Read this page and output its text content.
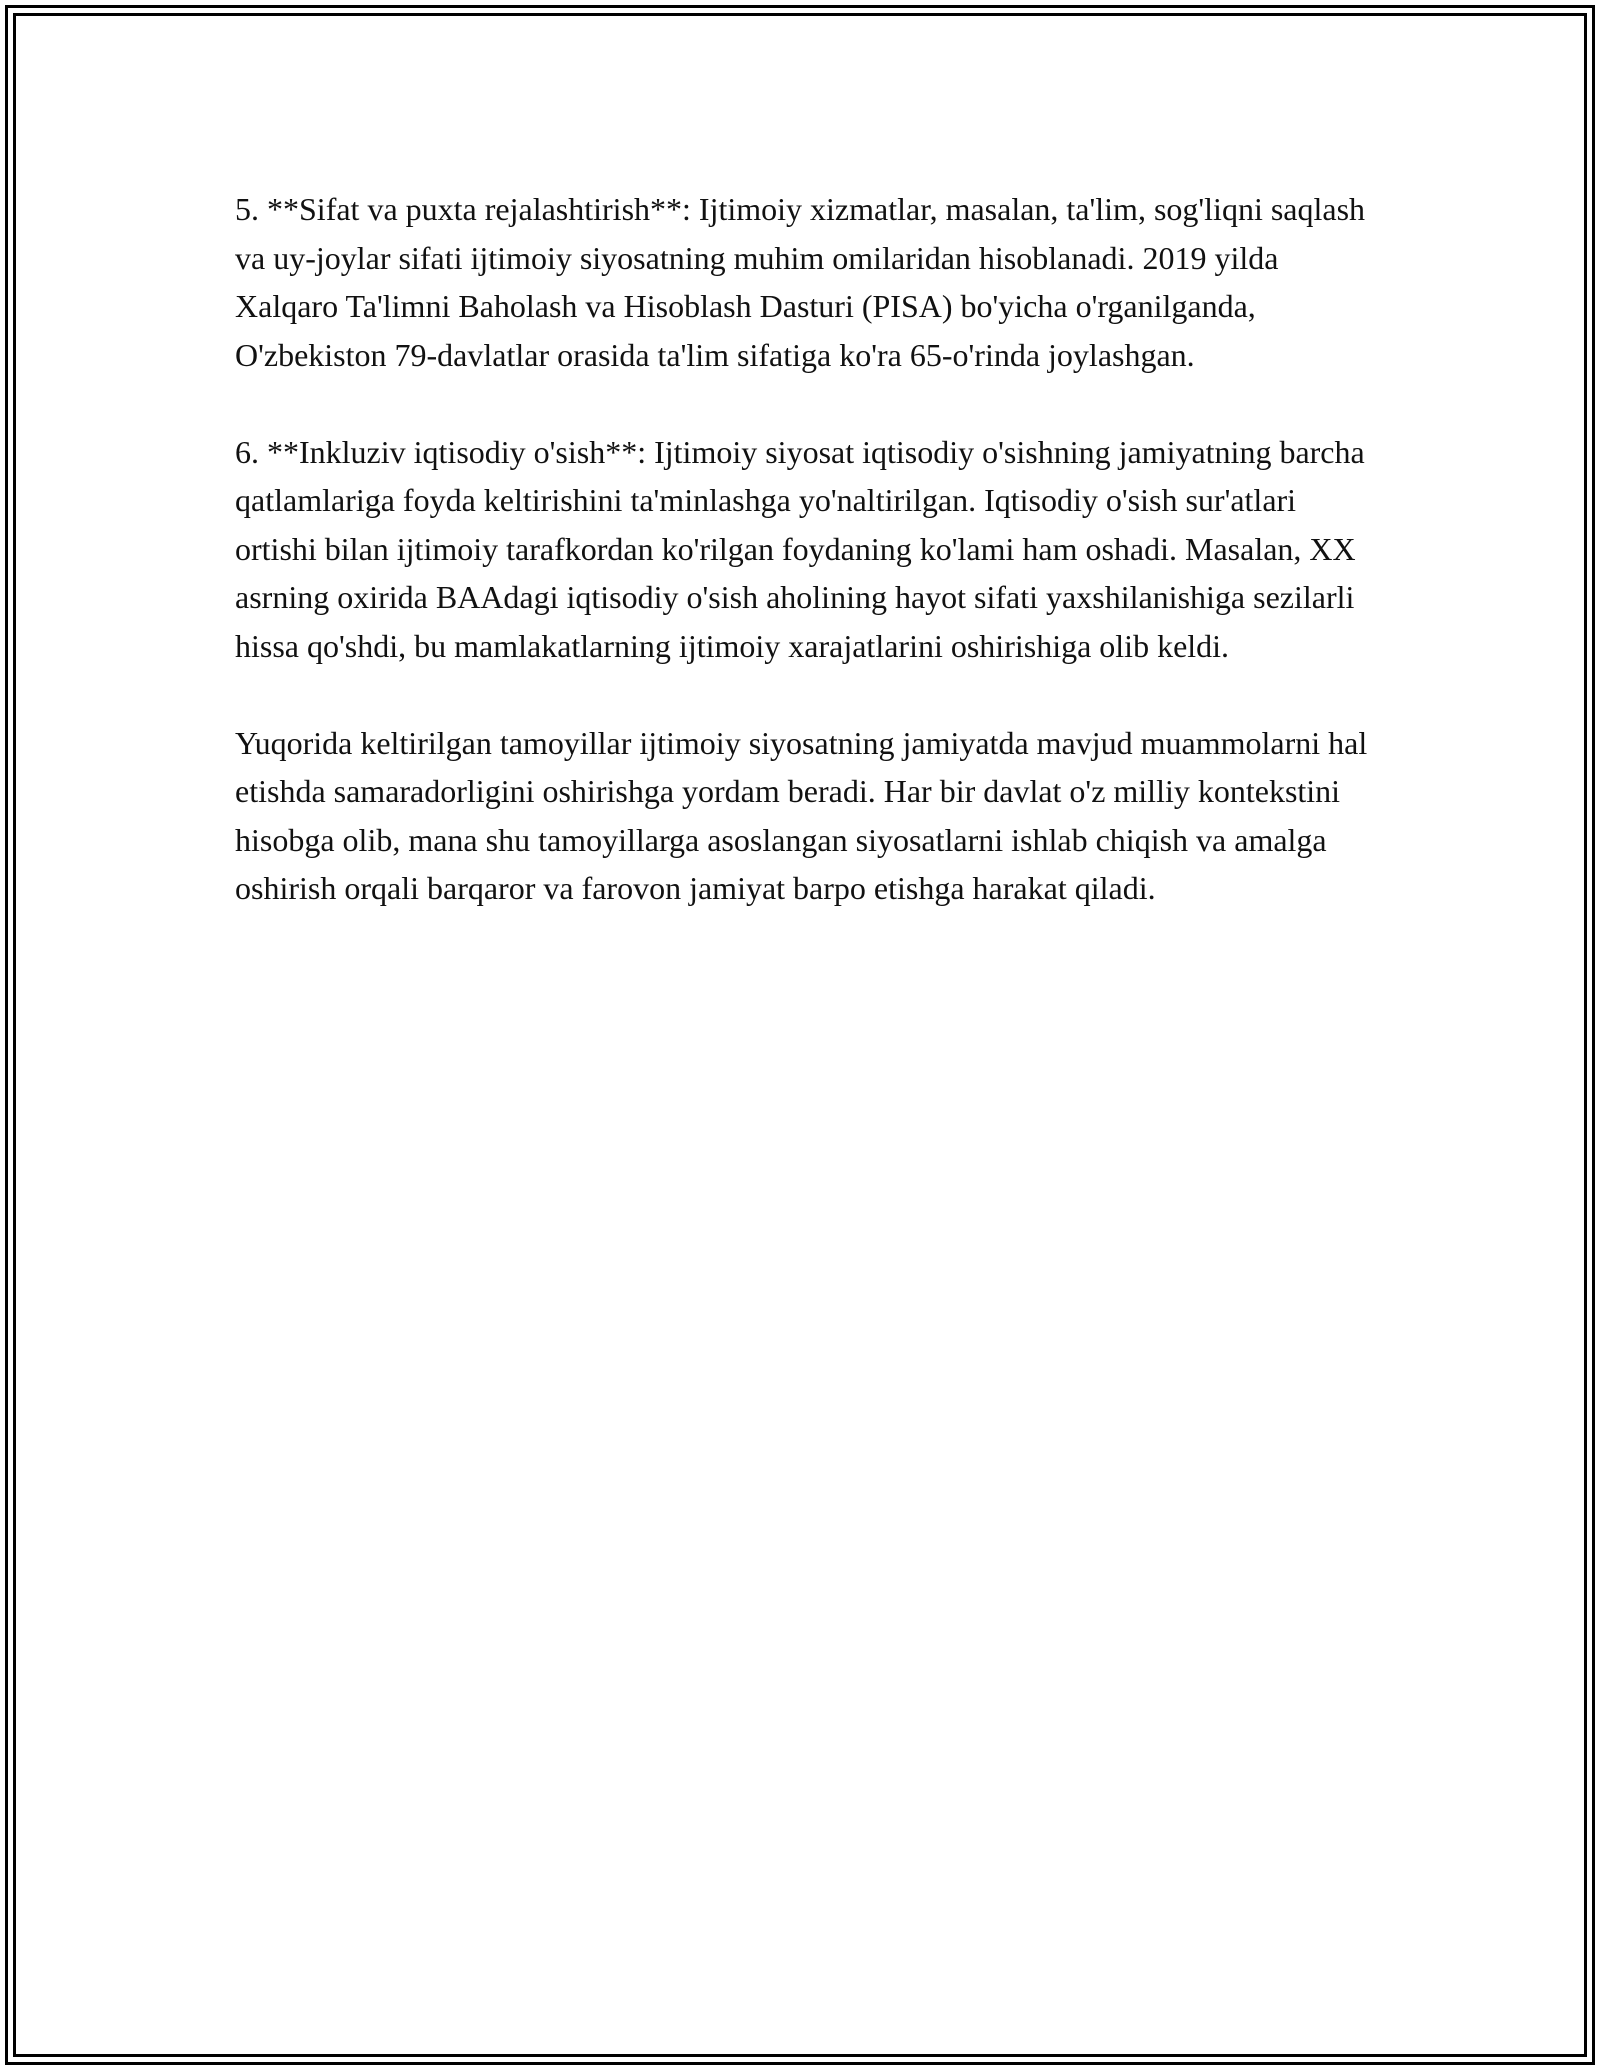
5. **Sifat va puxta rejalashtirish**: Ijtimoiy xizmatlar, masalan, ta'lim, sog'liqni saqlash va uy-joylar sifati ijtimoiy siyosatning muhim omilaridan hisoblanadi. 2019 yilda Xalqaro Ta'limni Baholash va Hisoblash Dasturi (PISA) bo'yicha o'rganilganda, O'zbekiston 79-davlatlar orasida ta'lim sifatiga ko'ra 65-o'rinda joylashgan.

6. **Inkluziv iqtisodiy o'sish**: Ijtimoiy siyosat iqtisodiy o'sishning jamiyatning barcha qatlamlariga foyda keltirishini ta'minlashga yo'naltirilgan. Iqtisodiy o'sish sur'atlari ortishi bilan ijtimoiy tarafkordan ko'rilgan foydaning ko'lami ham oshadi. Masalan, XX asrning oxirida BAAdagi iqtisodiy o'sish aholining hayot sifati yaxshilanishiga sezilarli hissa qo'shdi, bu mamlakatlarning ijtimoiy xarajatlarini oshirishiga olib keldi.

Yuqorida keltirilgan tamoyillar ijtimoiy siyosatning jamiyatda mavjud muammolarni hal etishda samaradorligini oshirishga yordam beradi. Har bir davlat o'z milliy kontekstini hisobga olib, mana shu tamoyillarga asoslangan siyosatlarni ishlab chiqish va amalga oshirish orqali barqaror va farovon jamiyat barpo etishga harakat qiladi.
